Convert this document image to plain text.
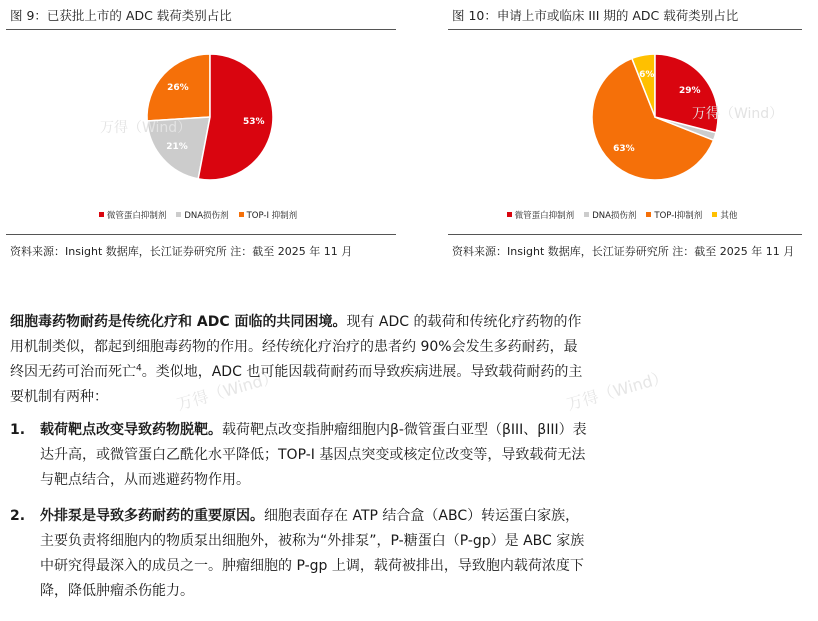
图 9：已获批上市的 ADC 载荷类别占比
万得（Wind）	53%
21%
26%
微管蛋白抑制剂 DNA损伤剂 TOP-I 抑制剂
资料来源：Insight 数据库，长江证券研究所 注：截至 2025 年 11 月
图 10：申请上市或临床 III 期的 ADC 载荷类别占比
万得（Wind）
29%
63%
6%
微管蛋白抑制剂 DNA损伤剂 TOP-I抑制剂 其他
资料来源：Insight 数据库，长江证券研究所 注：截至 2025 年 11 月
万得（Wind）	万得（Wind）

细胞毒药物耐药是传统化疗和 ADC 面临的共同困境。现有 ADC 的载荷和传统化疗药物的作用机制类似，都起到细胞毒药物的作用。经传统化疗治疗的患者约 90%会发生多药耐药，最终因无药可治而死亡$^4$。类似地，ADC 也可能因载荷耐药而导致疾病进展。导致载荷耐药的主要机制有两种：

1. 载荷靶点改变导致药物脱靶。载荷靶点改变指肿瘤细胞内β-微管蛋白亚型（βIII、βIII）表达升高，或微管蛋白乙酰化水平降低；TOP-I 基因点突变或核定位改变等，导致载荷无法与靶点结合，从而逃避药物作用。
2. 外排泵是导致多药耐药的重要原因。细胞表面存在 ATP 结合盒（ABC）转运蛋白家族，主要负责将细胞内的物质泵出细胞外，被称为“外排泵”，P-糖蛋白（P-gp）是 ABC 家族中研究得最深入的成员之一。肿瘤细胞的 P-gp 上调，载荷被排出，导致胞内载荷浓度下降，降低肿瘤杀伤能力。
